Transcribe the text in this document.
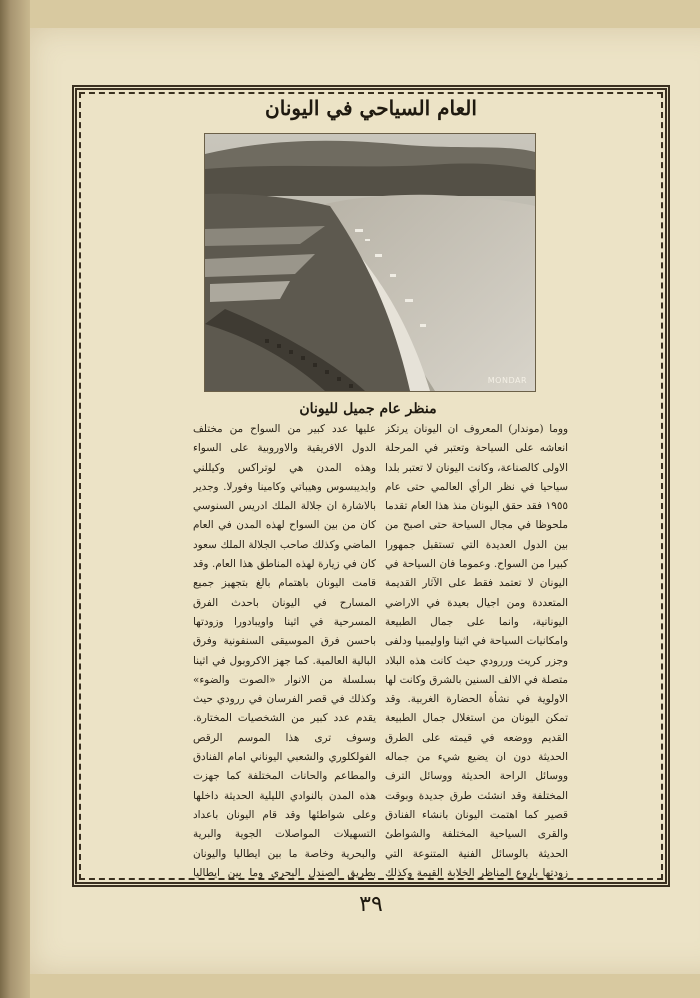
العام السياحي في اليونان
MONDAR
منظر عام جميل لليونان

ووما (موندار) المعروف ان اليونان يرتكز انعاشه على السياحة وتعتبر في المرحلة الاولى كالصناعة، وكانت اليونان لا تعتبر بلدا سياحيا في نظر الرأي العالمي حتى عام ١٩٥٥ فقد حقق اليونان منذ هذا العام تقدما ملحوظا في مجال السياحة حتى اصبح من بين الدول العديدة التي تستقبل جمهورا كبيرا من السواح. وعموما فان السياحة في اليونان لا تعتمد فقط على الآثار القديمة المتعددة ومن اجيال بعيدة في الاراضي اليونانية، وانما على جمال الطبيعة وامكانيات السياحة في اثينا واوليمبيا ودلفى وجزر كريت وررودي حيث كانت هذه البلاد متصلة في الالف السنين بالشرق وكانت لها الاولوية في نشأة الحضارة الغربية. وقد تمكن اليونان من استغلال جمال الطبيعة القديم ووضعه في قيمته على الطرق الحديثة دون ان يضيع شيء من جماله ووسائل الراحة الحديثة ووسائل الترف المختلفة وقد انشئت طرق جديدة وبوقت قصير كما اهتمت اليونان بانشاء الفنادق والقرى السياحية المختلفة والشواطئ الحديثة بالوسائل الفنية المتنوعة التي زودتها باروع المناظر الخلابة القيمة وكذلك

عليها عدد كبير من السواح من مختلف الدول الافريقية والاوروبية على السواء وهذه المدن هي لوتراكس وكيللني وايديبسوس وهيباتي وكامينا وفورلا. وجدير بالاشارة ان جلالة الملك ادريس السنوسي كان من بين السواح لهذه المدن في العام الماضي وكذلك صاحب الجلالة الملك سعود كان في زيارة لهذه المناطق هذا العام. وقد قامت اليونان باهتمام بالغ بتجهيز جميع المسارح في اليونان باحدث الفرق المسرحية في اثينا واويبادورا وزودتها باحسن فرق الموسيقى السنفونية وفرق البالية العالمية. كما جهز الاكروبول في اثينا بسلسلة من الانوار «الصوت والضوء» وكذلك في قصر الفرسان في ررودي حيث يقدم عدد كبير من الشخصيات المختارة. وسوف ترى هذا الموسم الرقص الفولكلوري والشعبي اليوناني امام الفنادق والمطاعم والحانات المختلفة كما جهزت هذه المدن بالنوادي الليلية الحديثة داخلها وعلى شواطئها وقد قام اليونان باعداد التسهيلات المواصلات الجوية والبرية والبحرية وخاصة ما بين ايطاليا واليونان بطريق الصندل البحري وما بين ايطاليا

٣٩
